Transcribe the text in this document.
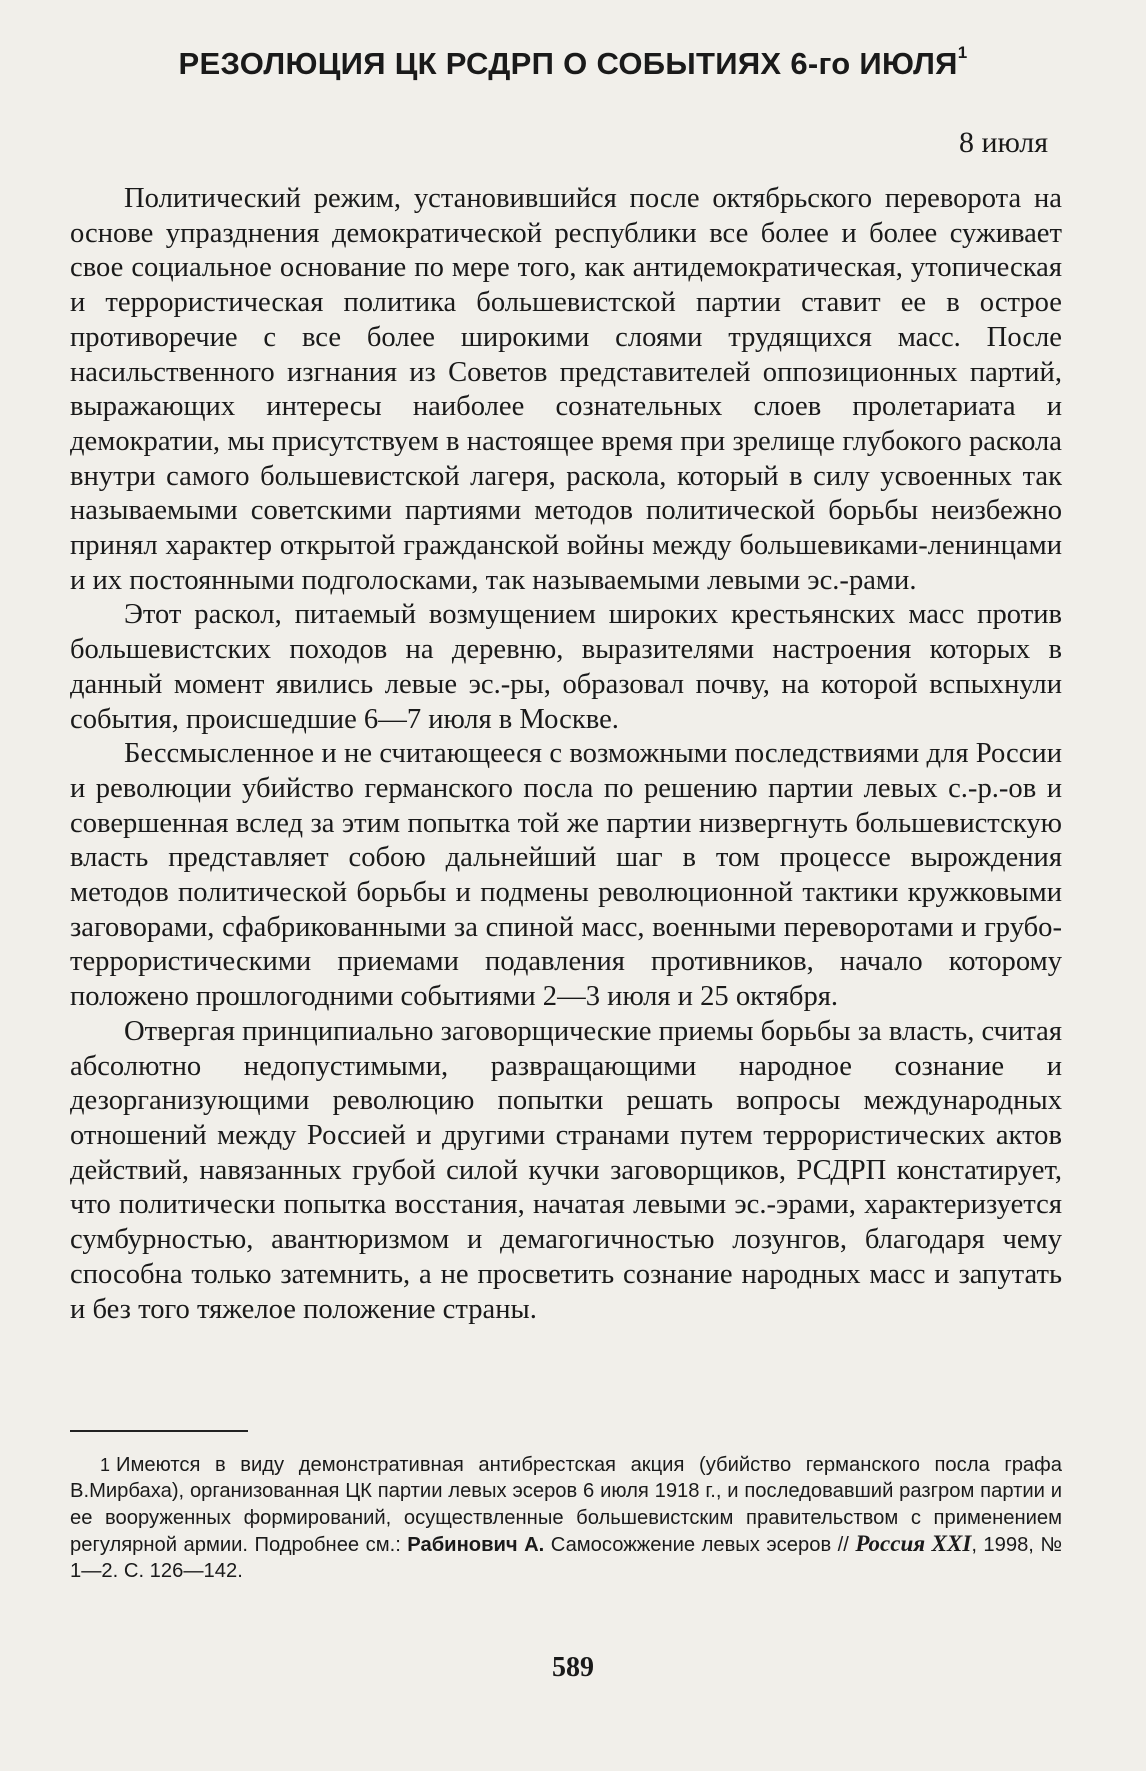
РЕЗОЛЮЦИЯ ЦК РСДРП О СОБЫТИЯХ 6-го ИЮЛЯ$^1$

8 июля

Политический режим, установившийся после октябрьского переворота на основе упразднения демократической республики все более и более суживает свое социальное основание по мере того, как антидемократическая, утопическая и террористическая политика большевистской партии ставит ее в острое противоречие с все более широкими слоями трудящихся масс. После насильственного изгнания из Советов представителей оппозиционных партий, выражающих интересы наиболее сознательных слоев пролетариата и демократии, мы присутствуем в настоящее время при зрелище глубокого раскола внутри самого большевистской лагеря, раскола, который в силу усвоенных так называемыми советскими партиями методов политической борьбы неизбежно принял характер открытой гражданской войны между большевиками-ленинцами и их постоянными подголосками, так называемыми левыми эс.-рами.

Этот раскол, питаемый возмущением широких крестьянских масс против большевистских походов на деревню, выразителями настроения которых в данный момент явились левые эс.-ры, образовал почву, на которой вспыхнули события, происшедшие 6—7 июля в Москве.

Бессмысленное и не считающееся с возможными последствиями для России и революции убийство германского посла по решению партии левых с.-р.-ов и совершенная вслед за этим попытка той же партии низвергнуть большевистскую власть представляет собою дальнейший шаг в том процессе вырождения методов политической борьбы и подмены революционной тактики кружковыми заговорами, сфабрикованными за спиной масс, военными переворотами и грубо-террористическими приемами подавления противников, начало которому положено прошлогодними событиями 2—3 июля и 25 октября.

Отвергая принципиально заговорщические приемы борьбы за власть, считая абсолютно недопустимыми, развращающими народное сознание и дезорганизующими революцию попытки решать вопросы международных отношений между Россией и другими странами путем террористических актов действий, навязанных грубой силой кучки заговорщиков, РСДРП констатирует, что политически попытка восстания, начатая левыми эс.-эрами, характеризуется сумбурностью, авантюризмом и демагогичностью лозунгов, благодаря чему способна только затемнить, а не просветить сознание народных масс и запутать и без того тяжелое положение страны.

1 Имеются в виду демонстративная антибрестская акция (убийство германского посла графа В.Мирбаха), организованная ЦК партии левых эсеров 6 июля 1918 г., и последовавший разгром партии и ее вооруженных формирований, осуществленные большевистским правительством с применением регулярной армии. Подробнее см.: Рабинович А. Самосожжение левых эсеров // Россия XXI, 1998, № 1—2. С. 126—142.

589
